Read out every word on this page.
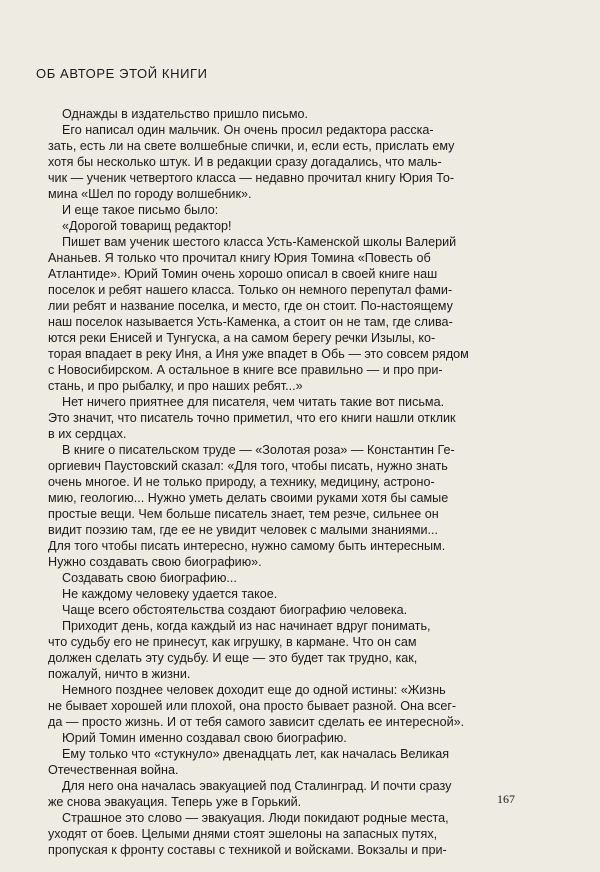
ОБ АВТОРЕ ЭТОЙ КНИГИ
Однажды в издательство пришло письмо.
Его написал один мальчик. Он очень просил редактора расска-
зать, есть ли на свете волшебные спички, и, если есть, прислать ему
хотя бы несколько штук. И в редакции сразу догадались, что маль-
чик — ученик четвертого класса — недавно прочитал книгу Юрия То-
мина «Шел по городу волшебник».
И еще такое письмо было:
«Дорогой товарищ редактор!
Пишет вам ученик шестого класса Усть-Каменской школы Валерий
Ананьев. Я только что прочитал книгу Юрия Томина «Повесть об
Атлантиде». Юрий Томин очень хорошо описал в своей книге наш
поселок и ребят нашего класса. Только он немного перепутал фами-
лии ребят и название поселка, и место, где он стоит. По-настоящему
наш поселок называется Усть-Каменка, а стоит он не там, где слива-
ются реки Енисей и Тунгуска, а на самом берегу речки Изылы, ко-
торая впадает в реку Иня, а Иня уже впадет в Обь — это совсем рядом
с Новосибирском. А остальное в книге все правильно — и про при-
стань, и про рыбалку, и про наших ребят...»
Нет ничего приятнее для писателя, чем читать такие вот письма.
Это значит, что писатель точно приметил, что его книги нашли отклик
в их сердцах.
В книге о писательском труде — «Золотая роза» — Константин Ге-
оргиевич Паустовский сказал: «Для того, чтобы писать, нужно знать
очень многое. И не только природу, а технику, медицину, астроно-
мию, геологию... Нужно уметь делать своими руками хотя бы самые
простые вещи. Чем больше писатель знает, тем резче, сильнее он
видит поэзию там, где ее не увидит человек с малыми знаниями...
Для того чтобы писать интересно, нужно самому быть интересным.
Нужно создавать свою биографию».
Создавать свою биографию...
Не каждому человеку удается такое.
Чаще всего обстоятельства создают биографию человека.
Приходит день, когда каждый из нас начинает вдруг понимать,
что судьбу его не принесут, как игрушку, в кармане. Что он сам
должен сделать эту судьбу. И еще — это будет так трудно, как,
пожалуй, ничто в жизни.
Немного позднее человек доходит еще до одной истины: «Жизнь
не бывает хорошей или плохой, она просто бывает разной. Она всег-
да — просто жизнь. И от тебя самого зависит сделать ее интересной».
Юрий Томин именно создавал свою биографию.
Ему только что «стукнуло» двенадцать лет, как началась Великая
Отечественная война.
Для него она началась эвакуацией под Сталинград. И почти сразу
же снова эвакуация. Теперь уже в Горький.
Страшное это слово — эвакуация. Люди покидают родные места,
уходят от боев. Целыми днями стоят эшелоны на запасных путях,
пропуская к фронту составы с техникой и войсками. Вокзалы и при-
167
